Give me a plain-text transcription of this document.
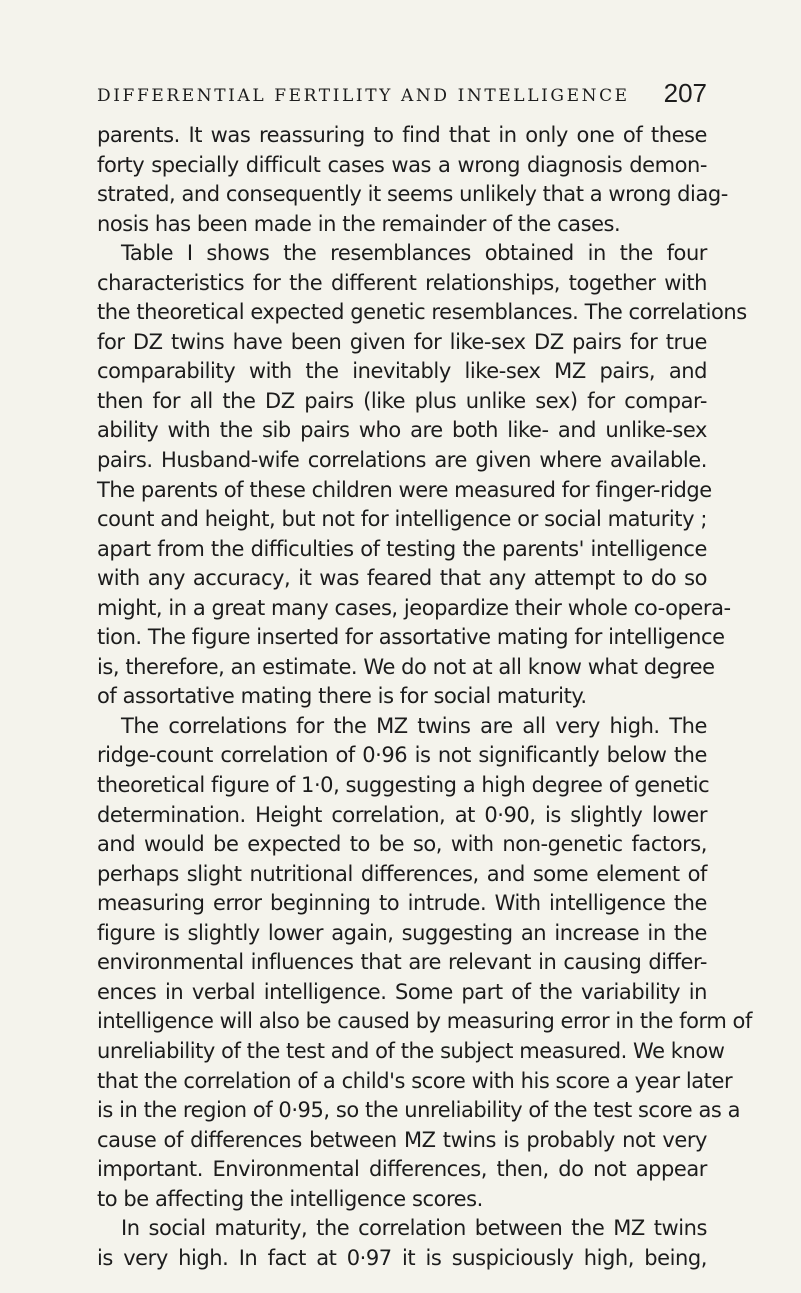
DIFFERENTIAL FERTILITY AND INTELLIGENCE 207
parents. It was reassuring to find that in only one of these
forty specially difficult cases was a wrong diagnosis demon-
strated, and consequently it seems unlikely that a wrong diag-
nosis has been made in the remainder of the cases.
Table I shows the resemblances obtained in the four
characteristics for the different relationships, together with
the theoretical expected genetic resemblances. The correlations
for DZ twins have been given for like-sex DZ pairs for true
comparability with the inevitably like-sex MZ pairs, and
then for all the DZ pairs (like plus unlike sex) for compar-
ability with the sib pairs who are both like- and unlike-sex
pairs. Husband-wife correlations are given where available.
The parents of these children were measured for finger-ridge
count and height, but not for intelligence or social maturity ;
apart from the difficulties of testing the parents' intelligence
with any accuracy, it was feared that any attempt to do so
might, in a great many cases, jeopardize their whole co-opera-
tion. The figure inserted for assortative mating for intelligence
is, therefore, an estimate. We do not at all know what degree
of assortative mating there is for social maturity.
The correlations for the MZ twins are all very high. The
ridge-count correlation of 0·96 is not significantly below the
theoretical figure of 1·0, suggesting a high degree of genetic
determination. Height correlation, at 0·90, is slightly lower
and would be expected to be so, with non-genetic factors,
perhaps slight nutritional differences, and some element of
measuring error beginning to intrude. With intelligence the
figure is slightly lower again, suggesting an increase in the
environmental influences that are relevant in causing differ-
ences in verbal intelligence. Some part of the variability in
intelligence will also be caused by measuring error in the form of
unreliability of the test and of the subject measured. We know
that the correlation of a child's score with his score a year later
is in the region of 0·95, so the unreliability of the test score as a
cause of differences between MZ twins is probably not very
important. Environmental differences, then, do not appear
to be affecting the intelligence scores.
In social maturity, the correlation between the MZ twins
is very high. In fact at 0·97 it is suspiciously high, being,
